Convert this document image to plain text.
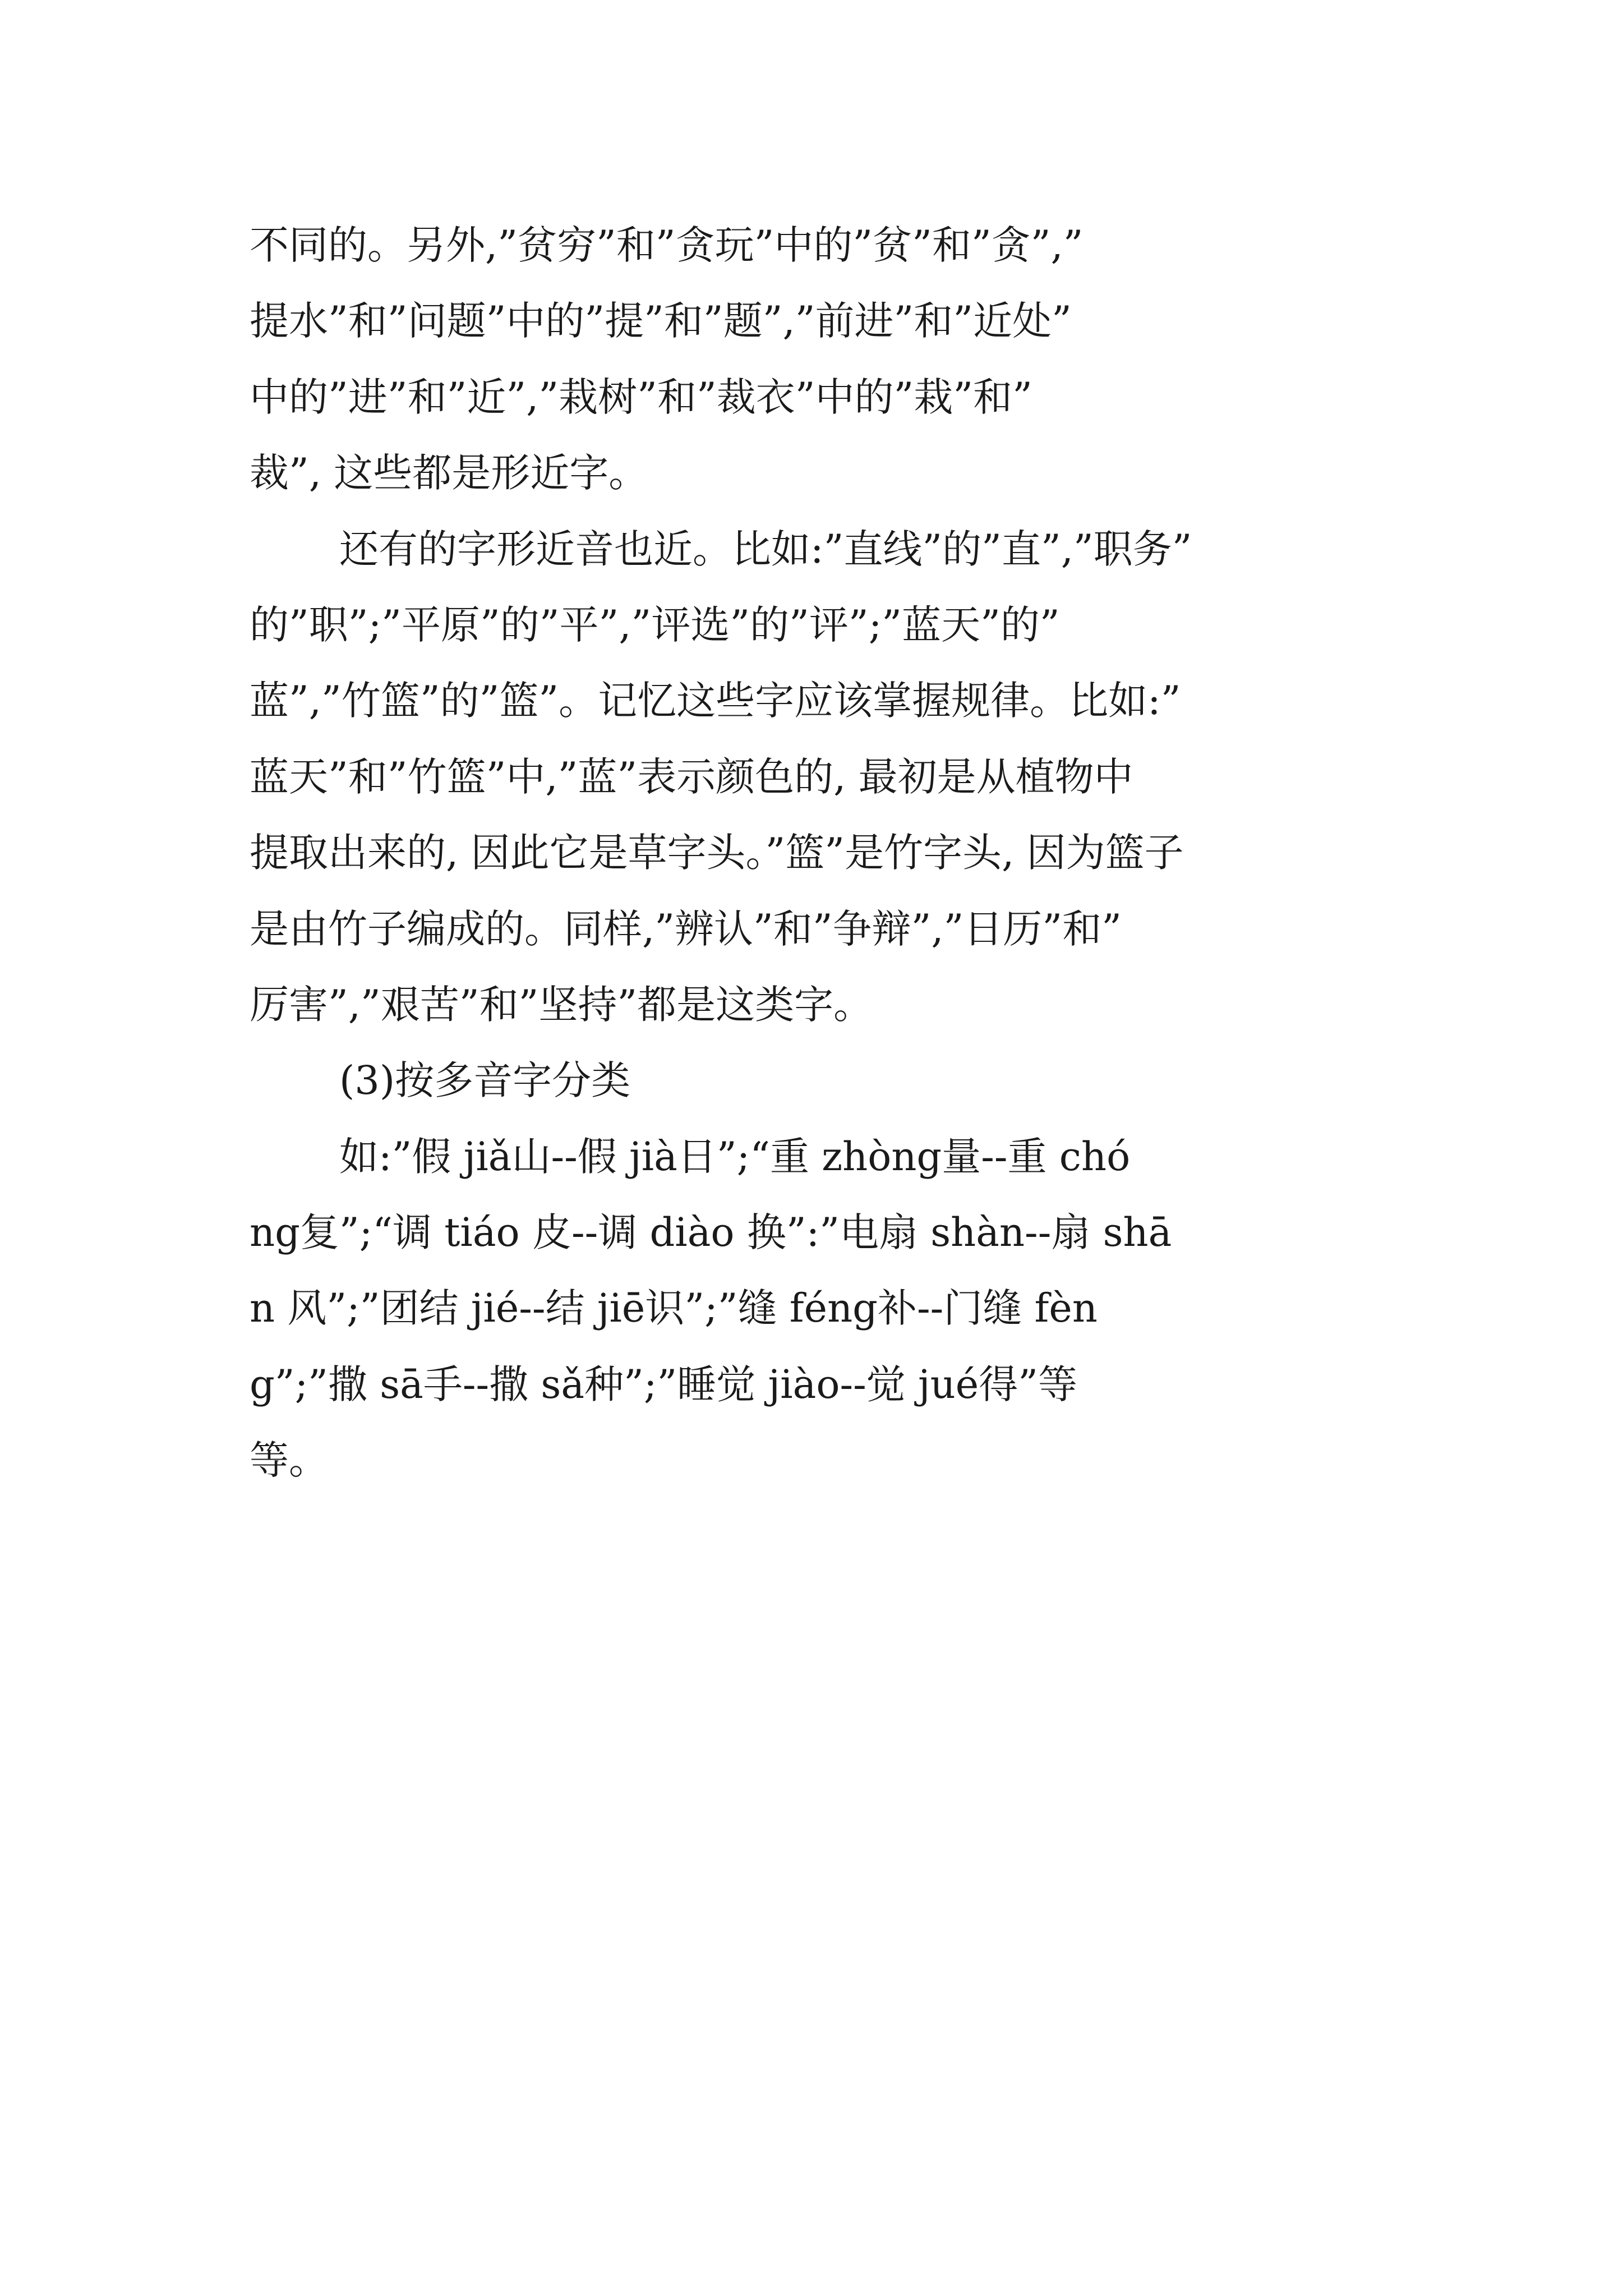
不同的。另外,”贫穷”和”贪玩”中的”贫”和”贪”,”
提水”和”问题”中的”提”和”题”,”前进”和”近处”
中的”进”和”近”,”栽树”和”裁衣”中的”栽”和”
裁”, 这些都是形近字。
还有的字形近音也近。比如:”直线”的”直”,”职务”
的”职”;”平原”的”平”,”评选”的”评”;”蓝天”的”
蓝”,”竹篮”的”篮”。记忆这些字应该掌握规律。比如:”
蓝天”和”竹篮”中,”蓝”表示颜色的, 最初是从植物中
提取出来的, 因此它是草字头。”篮”是竹字头, 因为篮子
是由竹子编成的。同样,”辨认”和”争辩”,”日历”和”
厉害”,”艰苦”和”坚持”都是这类字。
(3)按多音字分类
如:”假 jiǎ山--假 jià日”;“重 zhòng量--重 chó
ng复”;“调 tiáo 皮--调 diào 换”:”电扇 shàn--扇 shā
n 风”;”团结 jié--结 jiē识”;”缝 féng补--门缝 fèn
g”;”撒 sā手--撒 sǎ种”;”睡觉 jiào--觉 jué得”等
等。
